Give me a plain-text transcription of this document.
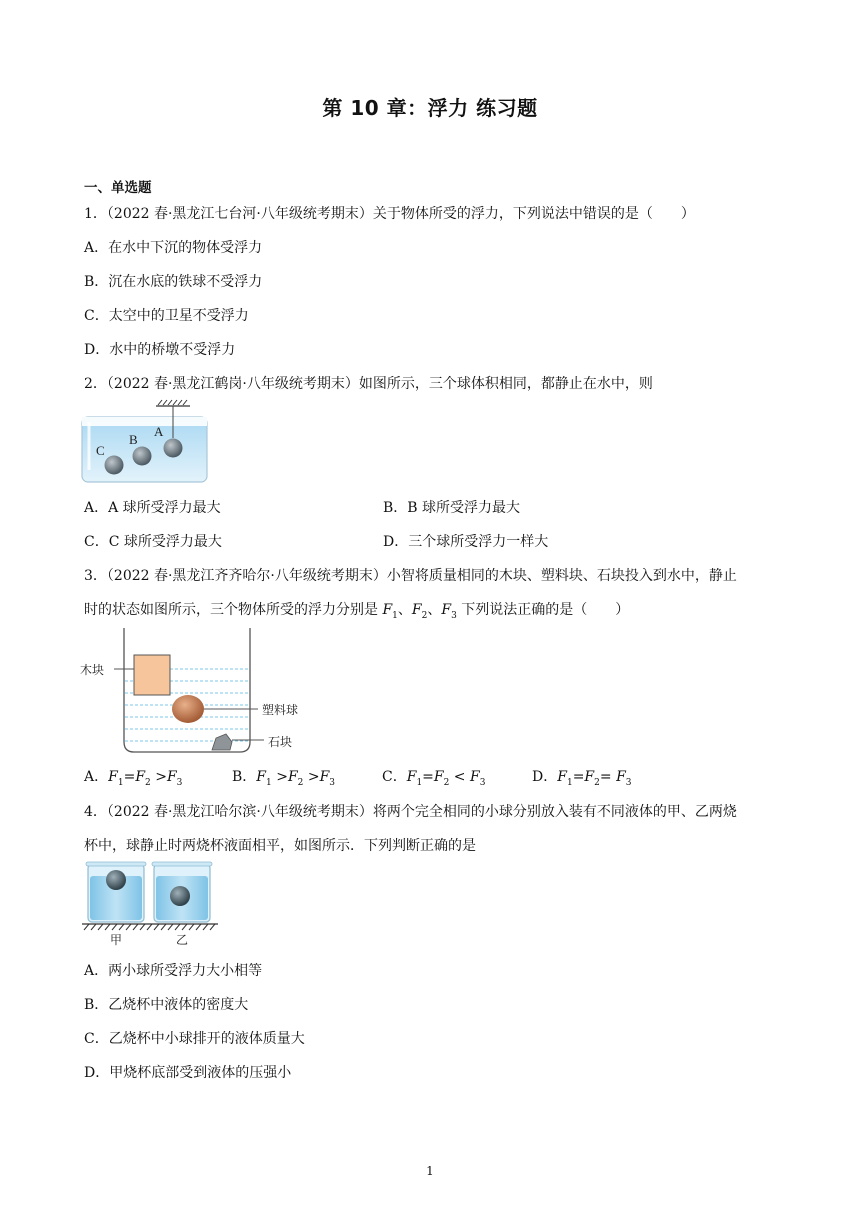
第 10 章：浮力 练习题
一、单选题
1．（2022 春·黑龙江七台河·八年级统考期末）关于物体所受的浮力，下列说法中错误的是（　　）
A．在水中下沉的物体受浮力
B．沉在水底的铁球不受浮力
C．太空中的卫星不受浮力
D．水中的桥墩不受浮力
2．（2022 春·黑龙江鹤岗·八年级统考期末）如图所示，三个球体积相同，都静止在水中，则
A
B
C
A．A 球所受浮力最大	B．B 球所受浮力最大
C．C 球所受浮力最大	D．三个球所受浮力一样大
3．（2022 春·黑龙江齐齐哈尔·八年级统考期末）小智将质量相同的木块、塑料块、石块投入到水中，静止
时的状态如图所示，三个物体所受的浮力分别是 $F_1$、$F_2$、$F_3$ 下列说法正确的是（　　）
木块
塑料球
石块
A．$F_1=F_2 >F_3$	B．$F_1 >F_2 >F_3$	C．$F_1=F_2 < F_3$	D．$F_1=F_2= F_3$
4．（2022 春·黑龙江哈尔滨·八年级统考期末）将两个完全相同的小球分别放入装有不同液体的甲、乙两烧
杯中，球静止时两烧杯液面相平，如图所示．下列判断正确的是
甲	乙
A．两小球所受浮力大小相等
B．乙烧杯中液体的密度大
C．乙烧杯中小球排开的液体质量大
D．甲烧杯底部受到液体的压强小
1
